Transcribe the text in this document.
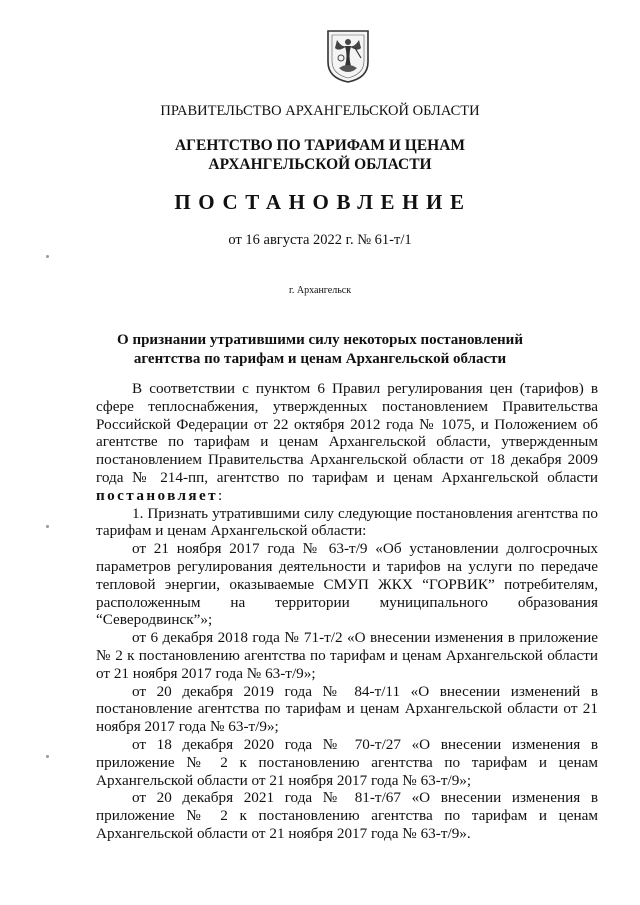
ПРАВИТЕЛЬСТВО АРХАНГЕЛЬСКОЙ ОБЛАСТИ
АГЕНТСТВО ПО ТАРИФАМ И ЦЕНАМ
АРХАНГЕЛЬСКОЙ ОБЛАСТИ
ПОСТАНОВЛЕНИЕ
от 16 августа 2022 г. № 61-т/1
г. Архангельск
О признании утратившими силу некоторых постановлений
агентства по тарифам и ценам Архангельской области

В соответствии с пунктом 6 Правил регулирования цен (тарифов) в сфере теплоснабжения, утвержденных постановлением Правительства Российской Федерации от 22 октября 2012 года № 1075, и Положением об агентстве по тарифам и ценам Архангельской области, утвержденным постановлением Правительства Архангельской области от 18 декабря 2009 года № 214-пп, агентство по тарифам и ценам Архангельской области постановляет:

1. Признать утратившими силу следующие постановления агентства по тарифам и ценам Архангельской области:

от 21 ноября 2017 года № 63-т/9 «Об установлении долгосрочных параметров регулирования деятельности и тарифов на услуги по передаче тепловой энергии, оказываемые СМУП ЖКХ “ГОРВИК” потребителям, расположенным на территории муниципального образования “Северодвинск”»;

от 6 декабря 2018 года № 71-т/2 «О внесении изменения в приложение № 2 к постановлению агентства по тарифам и ценам Архангельской области от 21 ноября 2017 года № 63-т/9»;

от 20 декабря 2019 года № 84-т/11 «О внесении изменений в постановление агентства по тарифам и ценам Архангельской области от 21 ноября 2017 года № 63-т/9»;

от 18 декабря 2020 года № 70-т/27 «О внесении изменения в приложение № 2 к постановлению агентства по тарифам и ценам Архангельской области от 21 ноября 2017 года № 63-т/9»;

от 20 декабря 2021 года № 81-т/67 «О внесении изменения в приложение № 2 к постановлению агентства по тарифам и ценам Архангельской области от 21 ноября 2017 года № 63-т/9».
